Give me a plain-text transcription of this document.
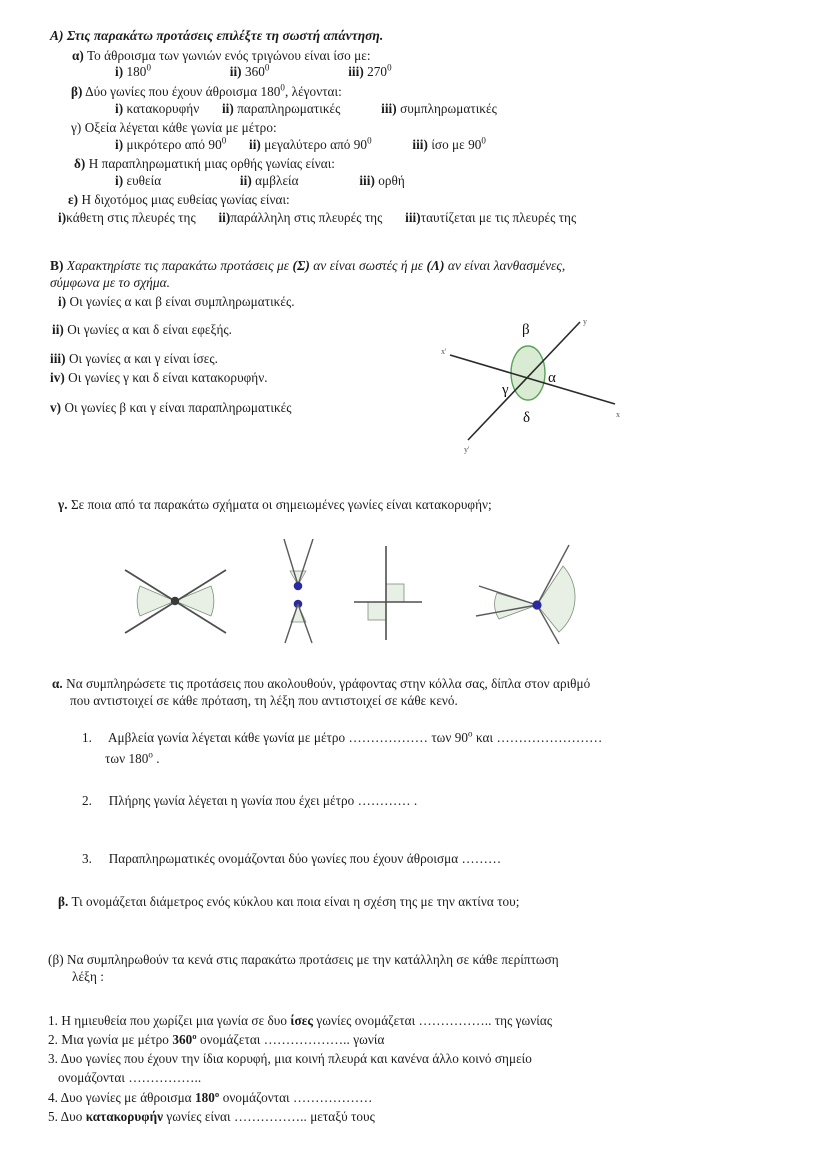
A) Στις παρακάτω προτάσεις επιλέξτε τη σωστή απάντηση.
α) Το άθροισμα των γωνιών ενός τριγώνου είναι ίσο με:
i) $180^0$	ii) $360^0$	iii) $270^0$
β) Δύο γωνίες που έχουν άθροισμα $180^0$, λέγονται:
i) κατακορυφήν ii) παραπληρωματικές	iii) συμπληρωματικές
γ) Οξεία λέγεται κάθε γωνία με μέτρο:
i) μικρότερο από $90^0$ ii) μεγαλύτερο από $90^0$	iii) ίσο με $90^0$
δ) Η παραπληρωματική μιας ορθής γωνίας είναι:
i) ευθεία	ii) αμβλεία	iii) ορθή
ε) Η διχοτόμος μιας ευθείας γωνίας είναι:
i)κάθετη στις πλευρές της ii)παράλληλη στις πλευρές της iii)ταυτίζεται με τις πλευρές της
B) Χαρακτηρίστε τις παρακάτω προτάσεις με (Σ) αν είναι σωστές ή με (Λ) αν είναι λανθασμένες,
σύμφωνα με το σχήμα.
i) Οι γωνίες α και β είναι συμπληρωματικές.
ii) Οι γωνίες α και δ είναι εφεξής.
iii) Οι γωνίες α και γ είναι ίσες.
iv) Οι γωνίες γ και δ είναι κατακορυφήν.
v) Οι γωνίες β και γ είναι παραπληρωματικές
β
α
γ
δ
x'
x
y
y'
γ. Σε ποια από τα παρακάτω σχήματα οι σημειωμένες γωνίες είναι κατακορυφήν;
α. Να συμπληρώσετε τις προτάσεις που ακολουθούν, γράφοντας στην κόλλα σας, δίπλα στον αριθμό
που αντιστοιχεί σε κάθε πρόταση, τη λέξη που αντιστοιχεί σε κάθε κενό.
1. Αμβλεία γωνία λέγεται κάθε γωνία με μέτρο ……………… των 90$^o$ και ……………………
των 180$^o$ .
2. Πλήρης γωνία λέγεται η γωνία που έχει μέτρο ………… .
3. Παραπληρωματικές ονομάζονται δύο γωνίες που έχουν άθροισμα ………
β. Τι ονομάζεται διάμετρος ενός κύκλου και ποια είναι η σχέση της με την ακτίνα του;
(β) Να συμπληρωθούν τα κενά στις παρακάτω προτάσεις με την κατάλληλη σε κάθε περίπτωση
λέξη :
1. Η ημιευθεία που χωρίζει μια γωνία σε δυο ίσες γωνίες ονομάζεται …………….. της γωνίας
2. Μια γωνία με μέτρο 360º ονομάζεται ……………….. γωνία
3. Δυο γωνίες που έχουν την ίδια κορυφή, μια κοινή πλευρά και κανένα άλλο κοινό σημείο
ονομάζονται ……………..
4. Δυο γωνίες με άθροισμα 180º ονομάζονται ………………
5. Δυο κατακορυφήν γωνίες είναι …………….. μεταξύ τους
